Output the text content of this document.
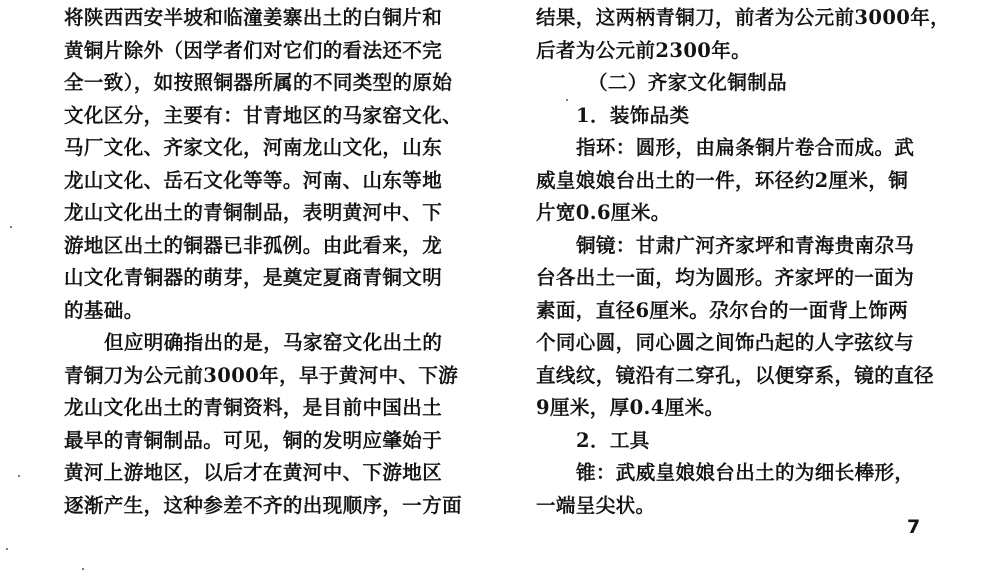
将陕西西安半坡和临潼姜寨出土的白铜片和
黄铜片除外（因学者们对它们的看法还不完
全一致），如按照铜器所属的不同类型的原始
文化区分，主要有：甘青地区的马家窑文化、
马厂文化、齐家文化，河南龙山文化，山东
龙山文化、岳石文化等等。河南、山东等地
龙山文化出土的青铜制品，表明黄河中、下
游地区出土的铜器已非孤例。由此看来，龙
山文化青铜器的萌芽，是奠定夏商青铜文明
的基础。
但应明确指出的是，马家窑文化出土的
青铜刀为公元前3000年，早于黄河中、下游
龙山文化出土的青铜资料，是目前中国出土
最早的青铜制品。可见，铜的发明应肇始于
黄河上游地区，以后才在黄河中、下游地区
逐渐产生，这种参差不齐的出现顺序，一方面
结果，这两柄青铜刀，前者为公元前3000年，
后者为公元前2300年。
（二）齐家文化铜制品
1．装饰品类
指环：圆形，由扁条铜片卷合而成。武
威皇娘娘台出土的一件，环径约2厘米，铜
片宽0.6厘米。
铜镜：甘肃广河齐家坪和青海贵南尕马
台各出土一面，均为圆形。齐家坪的一面为
素面，直径6厘米。尕尔台的一面背上饰两
个同心圆，同心圆之间饰凸起的人字弦纹与
直线纹，镜沿有二穿孔，以便穿系，镜的直径
9厘米，厚0.4厘米。
2．工具
锥：武威皇娘娘台出土的为细长棒形，
一端呈尖状。
7
